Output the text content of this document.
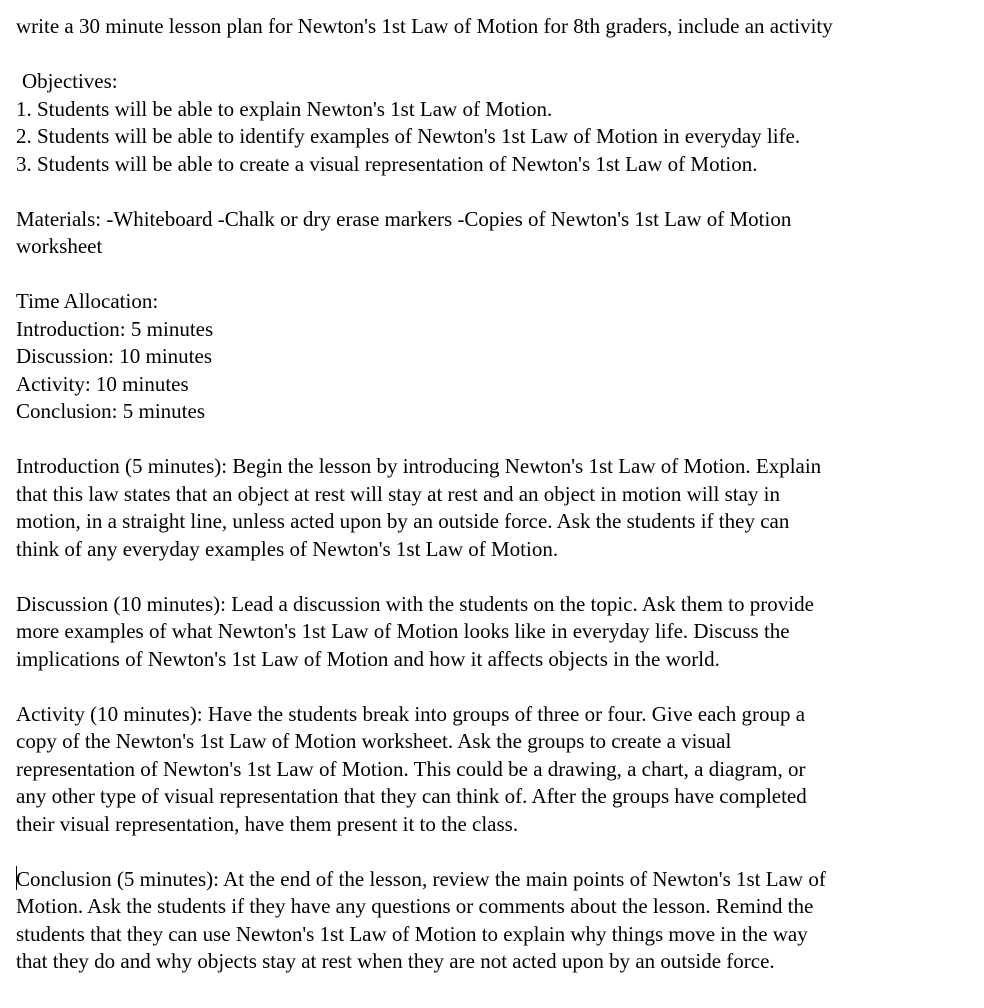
write a 30 minute lesson plan for Newton's 1st Law of Motion for 8th graders, include an activity
Objectives:
1. Students will be able to explain Newton's 1st Law of Motion.
2. Students will be able to identify examples of Newton's 1st Law of Motion in everyday life.
3. Students will be able to create a visual representation of Newton's 1st Law of Motion.
Materials: -Whiteboard -Chalk or dry erase markers -Copies of Newton's 1st Law of Motion
worksheet
Time Allocation:
Introduction: 5 minutes
Discussion: 10 minutes
Activity: 10 minutes
Conclusion: 5 minutes
Introduction (5 minutes): Begin the lesson by introducing Newton's 1st Law of Motion. Explain
that this law states that an object at rest will stay at rest and an object in motion will stay in
motion, in a straight line, unless acted upon by an outside force. Ask the students if they can
think of any everyday examples of Newton's 1st Law of Motion.
Discussion (10 minutes): Lead a discussion with the students on the topic. Ask them to provide
more examples of what Newton's 1st Law of Motion looks like in everyday life. Discuss the
implications of Newton's 1st Law of Motion and how it affects objects in the world.
Activity (10 minutes): Have the students break into groups of three or four. Give each group a
copy of the Newton's 1st Law of Motion worksheet. Ask the groups to create a visual
representation of Newton's 1st Law of Motion. This could be a drawing, a chart, a diagram, or
any other type of visual representation that they can think of. After the groups have completed
their visual representation, have them present it to the class.
Conclusion (5 minutes): At the end of the lesson, review the main points of Newton's 1st Law of
Motion. Ask the students if they have any questions or comments about the lesson. Remind the
students that they can use Newton's 1st Law of Motion to explain why things move in the way
that they do and why objects stay at rest when they are not acted upon by an outside force.
